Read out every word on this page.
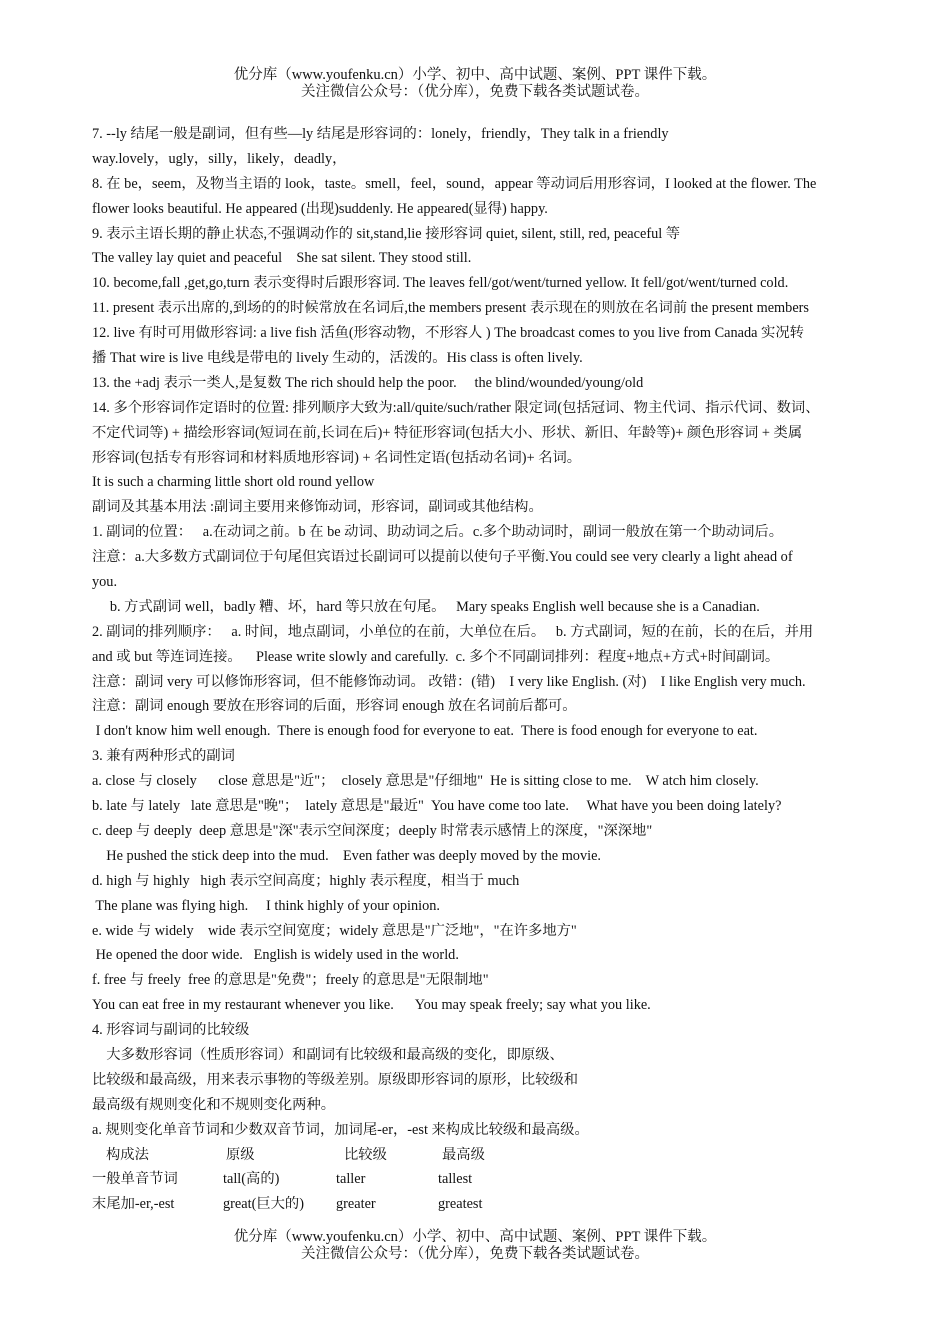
优分库（www.youfenku.cn）小学、初中、高中试题、案例、PPT 课件下载。
关注微信公众号：（优分库），免费下载各类试题试卷。
7. --ly 结尾一般是副词，但有些—ly 结尾是形容词的：lonely，friendly，They talk in a friendly
way.lovely，ugly，silly，likely，deadly，
8. 在 be，seem，及物当主语的 look，taste。smell，feel，sound，appear 等动词后用形容词，I looked at the flower. The
flower looks beautiful. He appeared (出现)suddenly. He appeared(显得) happy.
9. 表示主语长期的静止状态,不强调动作的 sit,stand,lie 接形容词 quiet, silent, still, red, peaceful 等
The valley lay quiet and peaceful    She sat silent. They stood still.
10. become,fall ,get,go,turn 表示变得时后跟形容词. The leaves fell/got/went/turned yellow. It fell/got/went/turned cold.
11. present 表示出席的,到场的的时候常放在名词后,the members present 表示现在的则放在名词前 the present members
12. live 有时可用做形容词: a live fish 活鱼(形容动物，不形容人 ) The broadcast comes to you live from Canada 实况转
播 That wire is live 电线是带电的 lively 生动的，活泼的。His class is often lively.
13. the +adj 表示一类人,是复数 The rich should help the poor.     the blind/wounded/young/old
14. 多个形容词作定语时的位置: 排列顺序大致为:all/quite/such/rather 限定词(包括冠词、物主代词、指示代词、数词、
不定代词等) + 描绘形容词(短词在前,长词在后)+ 特征形容词(包括大小、形状、新旧、年龄等)+ 颜色形容词 + 类属
形容词(包括专有形容词和材料质地形容词) + 名词性定语(包括动名词)+ 名词。
It is such a charming little short old round yellow
副词及其基本用法 :副词主要用来修饰动词，形容词，副词或其他结构。
1. 副词的位置：   a.在动词之前。b 在 be 动词、助动词之后。c.多个助动词时，副词一般放在第一个助动词后。
注意：a.大多数方式副词位于句尾但宾语过长副词可以提前以使句子平衡.You could see very clearly a light ahead of
you.
b. 方式副词 well，badly 糟、坏，hard 等只放在句尾。   Mary speaks English well because she is a Canadian.
2. 副词的排列顺序：   a. 时间，地点副词，小单位的在前，大单位在后。   b. 方式副词，短的在前，长的在后，并用
and 或 but 等连词连接。    Please write slowly and carefully.  c. 多个不同副词排列：程度+地点+方式+时间副词。
注意：副词 very 可以修饰形容词，但不能修饰动词。 改错：(错)    I very like English. (对)    I like English very much.
注意：副词 enough 要放在形容词的后面，形容词 enough 放在名词前后都可。
I don't know him well enough.  There is enough food for everyone to eat.  There is food enough for everyone to eat.
3. 兼有两种形式的副词
a. close 与 closely      close 意思是"近"；  closely 意思是"仔细地"  He is sitting close to me.    W atch him closely.
b. late 与 lately   late 意思是"晚"；  lately 意思是"最近"  You have come too late.     What have you been doing lately?
c. deep 与 deeply  deep 意思是"深"表示空间深度；deeply 时常表示感情上的深度，"深深地"
He pushed the stick deep into the mud.    Even father was deeply moved by the movie.
d. high 与 highly   high 表示空间高度；highly 表示程度，相当于 much
The plane was flying high.     I think highly of your opinion.
e. wide 与 widely    wide 表示空间宽度；widely 意思是"广泛地"，"在许多地方"
He opened the door wide.   English is widely used in the world.
f. free 与 freely  free 的意思是"免费"；freely 的意思是"无限制地"
You can eat free in my restaurant whenever you like.      You may speak freely; say what you like.
4. 形容词与副词的比较级
大多数形容词（性质形容词）和副词有比较级和最高级的变化，即原级、
比较级和最高级，用来表示事物的等级差别。原级即形容词的原形，比较级和
最高级有规则变化和不规则变化两种。
a. 规则变化单音节词和少数双音节词，加词尾-er，-est 来构成比较级和最高级。
构成法	原级	比较级	最高级
一般单音节词	tall(高的)	taller	tallest
末尾加-er,-est	great(巨大的) greater	greatest
优分库（www.youfenku.cn）小学、初中、高中试题、案例、PPT 课件下载。
关注微信公众号：（优分库），免费下载各类试题试卷。
